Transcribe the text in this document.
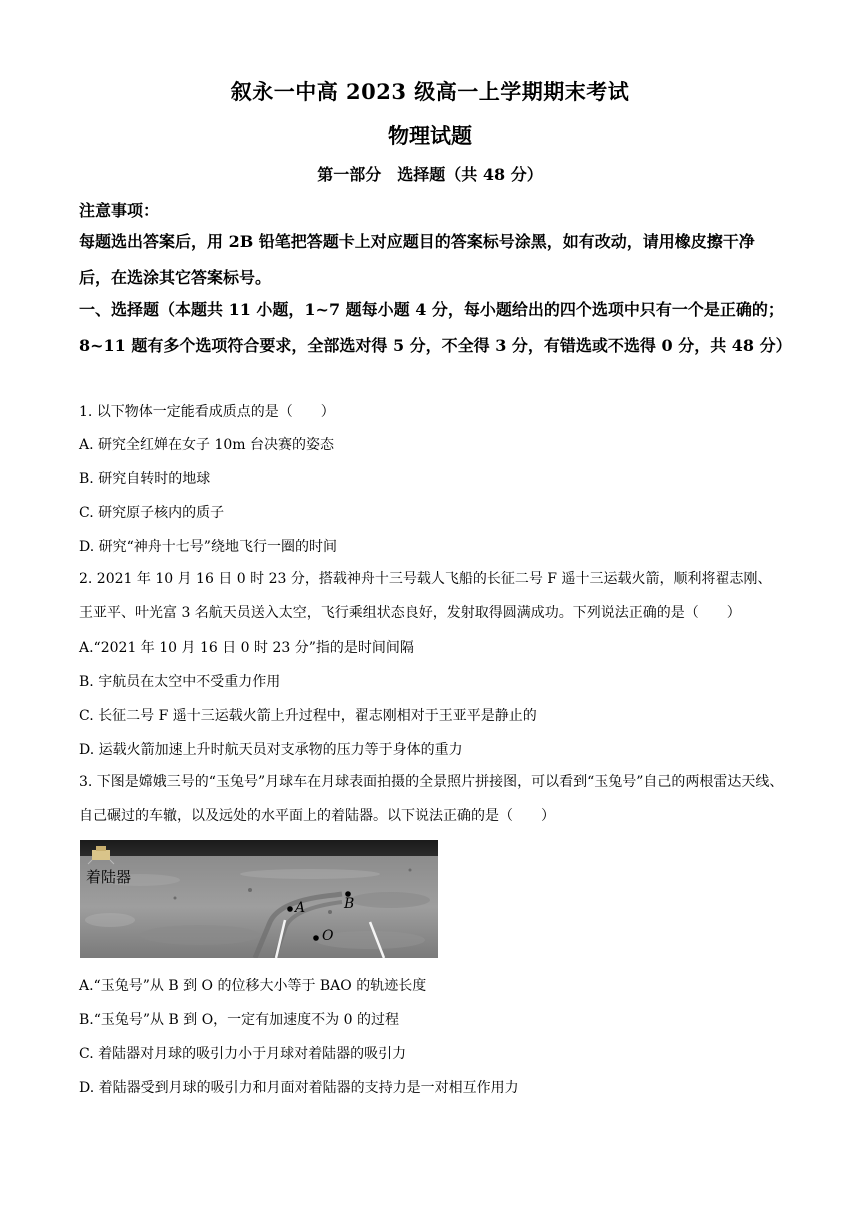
叙永一中高 2023 级高一上学期期末考试
物理试题
第一部分　选择题（共 48 分）
注意事项：
每题选出答案后，用 2B 铅笔把答题卡上对应题目的答案标号涂黑，如有改动，请用橡皮擦干净后，在选涂其它答案标号。
一、选择题（本题共 11 小题，1~7 题每小题 4 分，每小题给出的四个选项中只有一个是正确的；8~11 题有多个选项符合要求，全部选对得 5 分，不全得 3 分，有错选或不选得 0 分，共 48 分）
1. 以下物体一定能看成质点的是（　　）
A. 研究全红婵在女子 10m 台决赛的姿态
B. 研究自转时的地球
C. 研究原子核内的质子
D. 研究“神舟十七号”绕地飞行一圈的时间
2. 2021 年 10 月 16 日 0 时 23 分，搭载神舟十三号载人飞船的长征二号 F 遥十三运载火箭，顺利将翟志刚、王亚平、叶光富 3 名航天员送入太空，飞行乘组状态良好，发射取得圆满成功。下列说法正确的是（　　）
A.“2021 年 10 月 16 日 0 时 23 分”指的是时间间隔
B. 宇航员在太空中不受重力作用
C. 长征二号 F 遥十三运载火箭上升过程中，翟志刚相对于王亚平是静止的
D. 运载火箭加速上升时航天员对支承物的压力等于身体的重力
3. 下图是嫦娥三号的“玉兔号”月球车在月球表面拍摄的全景照片拼接图，可以看到“玉兔号”自己的两根雷达天线、自己碾过的车辙，以及远处的水平面上的着陆器。以下说法正确的是（　　）
着陆器
A	B
O
A.“玉兔号”从 B 到 O 的位移大小等于 BAO 的轨迹长度
B.“玉兔号”从 B 到 O，一定有加速度不为 0 的过程
C. 着陆器对月球的吸引力小于月球对着陆器的吸引力
D. 着陆器受到月球的吸引力和月面对着陆器的支持力是一对相互作用力
